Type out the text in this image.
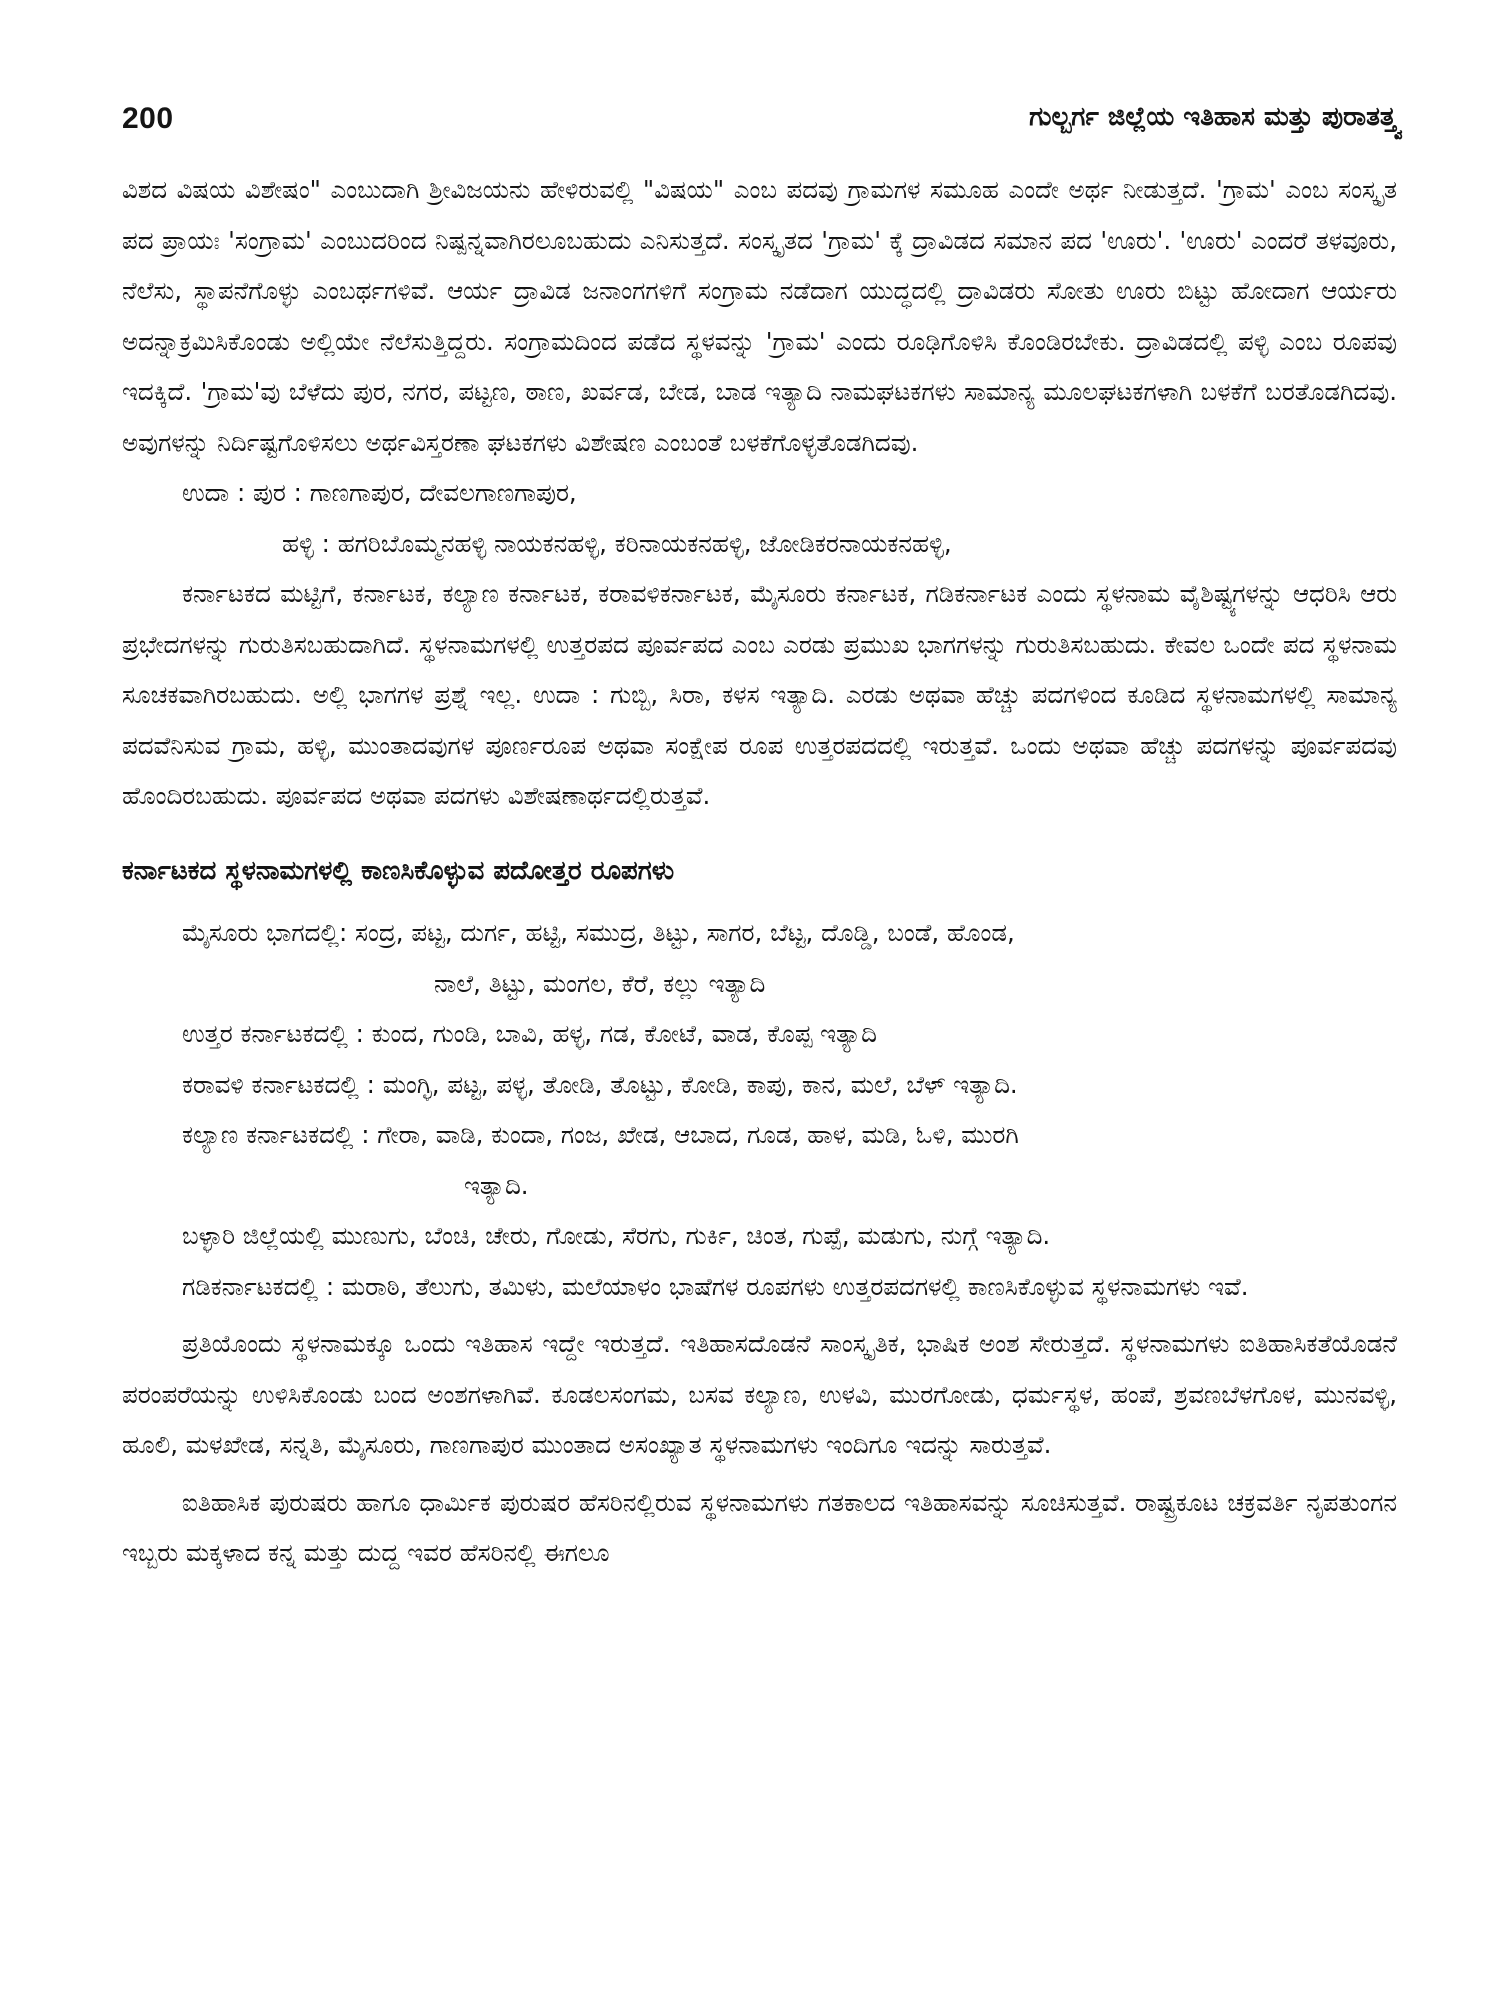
200	ಗುಲ್ಬರ್ಗ ಜಿಲ್ಲೆಯ ಇತಿಹಾಸ ಮತ್ತು ಪುರಾತತ್ತ್ವ

ವಿಶದ ವಿಷಯ ವಿಶೇಷಂ" ಎಂಬುದಾಗಿ ಶ್ರೀವಿಜಯನು ಹೇಳಿರುವಲ್ಲಿ "ವಿಷಯ" ಎಂಬ ಪದವು ಗ್ರಾಮಗಳ ಸಮೂಹ ಎಂದೇ ಅರ್ಥ ನೀಡುತ್ತದೆ. 'ಗ್ರಾಮ' ಎಂಬ ಸಂಸ್ಕೃತ ಪದ ಪ್ರಾಯಃ 'ಸಂಗ್ರಾಮ' ಎಂಬುದರಿಂದ ನಿಷ್ಪನ್ನವಾಗಿರಲೂಬಹುದು ಎನಿಸುತ್ತದೆ. ಸಂಸ್ಕೃತದ 'ಗ್ರಾಮ' ಕ್ಕೆ ದ್ರಾವಿಡದ ಸಮಾನ ಪದ 'ಊರು'. 'ಊರು' ಎಂದರೆ ತಳವೂರು, ನೆಲೆಸು, ಸ್ಥಾಪನೆಗೊಳ್ಳು ಎಂಬರ್ಥಗಳಿವೆ. ಆರ್ಯ ದ್ರಾವಿಡ ಜನಾಂಗಗಳಿಗೆ ಸಂಗ್ರಾಮ ನಡೆದಾಗ ಯುದ್ಧದಲ್ಲಿ ದ್ರಾವಿಡರು ಸೋತು ಊರು ಬಿಟ್ಟು ಹೋದಾಗ ಆರ್ಯರು ಅದನ್ನಾಕ್ರಮಿಸಿಕೊಂಡು ಅಲ್ಲಿಯೇ ನೆಲೆಸುತ್ತಿದ್ದರು. ಸಂಗ್ರಾಮದಿಂದ ಪಡೆದ ಸ್ಥಳವನ್ನು 'ಗ್ರಾಮ' ಎಂದು ರೂಢಿಗೊಳಿಸಿ ಕೊಂಡಿರಬೇಕು. ದ್ರಾವಿಡದಲ್ಲಿ ಪಳ್ಳಿ ಎಂಬ ರೂಪವು ಇದಕ್ಕಿದೆ. 'ಗ್ರಾಮ'ವು ಬೆಳೆದು ಪುರ, ನಗರ, ಪಟ್ಟಣ, ಠಾಣ, ಖರ್ವಡ, ಬೇಡ, ಬಾಡ ಇತ್ಯಾದಿ ನಾಮಘಟಕಗಳು ಸಾಮಾನ್ಯ ಮೂಲಘಟಕಗಳಾಗಿ ಬಳಕೆಗೆ ಬರತೊಡಗಿದವು. ಅವುಗಳನ್ನು ನಿರ್ದಿಷ್ಟಗೊಳಿಸಲು ಅರ್ಥವಿಸ್ತರಣಾ ಘಟಕಗಳು ವಿಶೇಷಣ ಎಂಬಂತೆ ಬಳಕೆಗೊಳ್ಳತೊಡಗಿದವು.

ಉದಾ : ಪುರ : ಗಾಣಗಾಪುರ, ದೇವಲಗಾಣಗಾಪುರ,

ಹಳ್ಳಿ : ಹಗರಿಬೊಮ್ಮನಹಳ್ಳಿ ನಾಯಕನಹಳ್ಳಿ, ಕರಿನಾಯಕನಹಳ್ಳಿ, ಜೋಡಿಕರನಾಯಕನಹಳ್ಳಿ,

ಕರ್ನಾಟಕದ ಮಟ್ಟಿಗೆ, ಕರ್ನಾಟಕ, ಕಲ್ಯಾಣ ಕರ್ನಾಟಕ, ಕರಾವಳಿಕರ್ನಾಟಕ, ಮೈಸೂರು ಕರ್ನಾಟಕ, ಗಡಿಕರ್ನಾಟಕ ಎಂದು ಸ್ಥಳನಾಮ ವೈಶಿಷ್ಟ್ಯಗಳನ್ನು ಆಧರಿಸಿ ಆರು ಪ್ರಭೇದಗಳನ್ನು ಗುರುತಿಸಬಹುದಾಗಿದೆ. ಸ್ಥಳನಾಮಗಳಲ್ಲಿ ಉತ್ತರಪದ ಪೂರ್ವಪದ ಎಂಬ ಎರಡು ಪ್ರಮುಖ ಭಾಗಗಳನ್ನು ಗುರುತಿಸಬಹುದು. ಕೇವಲ ಒಂದೇ ಪದ ಸ್ಥಳನಾಮ ಸೂಚಕವಾಗಿರಬಹುದು. ಅಲ್ಲಿ ಭಾಗಗಳ ಪ್ರಶ್ನೆ ಇಲ್ಲ. ಉದಾ : ಗುಬ್ಬಿ, ಸಿರಾ, ಕಳಸ ಇತ್ಯಾದಿ. ಎರಡು ಅಥವಾ ಹೆಚ್ಚು ಪದಗಳಿಂದ ಕೂಡಿದ ಸ್ಥಳನಾಮಗಳಲ್ಲಿ ಸಾಮಾನ್ಯ ಪದವೆನಿಸುವ ಗ್ರಾಮ, ಹಳ್ಳಿ, ಮುಂತಾದವುಗಳ ಪೂರ್ಣರೂಪ ಅಥವಾ ಸಂಕ್ಷೇಪ ರೂಪ ಉತ್ತರಪದದಲ್ಲಿ ಇರುತ್ತವೆ. ಒಂದು ಅಥವಾ ಹೆಚ್ಚು ಪದಗಳನ್ನು ಪೂರ್ವಪದವು ಹೊಂದಿರಬಹುದು. ಪೂರ್ವಪದ ಅಥವಾ ಪದಗಳು ವಿಶೇಷಣಾರ್ಥದಲ್ಲಿರುತ್ತವೆ.

ಕರ್ನಾಟಕದ ಸ್ಥಳನಾಮಗಳಲ್ಲಿ ಕಾಣಸಿಕೊಳ್ಳುವ ಪದೋತ್ತರ ರೂಪಗಳು

ಮೈಸೂರು ಭಾಗದಲ್ಲಿ: ಸಂದ್ರ, ಪಟ್ಟ, ದುರ್ಗ, ಹಟ್ಟಿ, ಸಮುದ್ರ, ತಿಟ್ಟು, ಸಾಗರ, ಬೆಟ್ಟ, ದೊಡ್ಡಿ, ಬಂಡೆ, ಹೊಂಡ,

ನಾಲೆ, ತಿಟ್ಟು, ಮಂಗಲ, ಕೆರೆ, ಕಲ್ಲು ಇತ್ಯಾದಿ

ಉತ್ತರ ಕರ್ನಾಟಕದಲ್ಲಿ : ಕುಂದ, ಗುಂಡಿ, ಬಾವಿ, ಹಳ್ಳ, ಗಡ, ಕೋಟೆ, ವಾಡ, ಕೊಪ್ಪ ಇತ್ಯಾದಿ

ಕರಾವಳಿ ಕರ್ನಾಟಕದಲ್ಲಿ : ಮಂಗ್ಳಿ, ಪಟ್ಟ, ಪಳ್ಳ, ತೋಡಿ, ತೊಟ್ಟು, ಕೋಡಿ, ಕಾಪು, ಕಾನ, ಮಲೆ, ಬೆಳ್ ಇತ್ಯಾದಿ.

ಕಲ್ಯಾಣ ಕರ್ನಾಟಕದಲ್ಲಿ : ಗೇರಾ, ವಾಡಿ, ಕುಂದಾ, ಗಂಜ, ಖೇಡ, ಆಬಾದ, ಗೂಡ, ಹಾಳ, ಮಡಿ, ಓಳಿ, ಮುರಗಿ

ಇತ್ಯಾದಿ.

ಬಳ್ಳಾರಿ ಜಿಲ್ಲೆಯಲ್ಲಿ ಮುಣುಗು, ಬೆಂಚಿ, ಚೇರು, ಗೋಡು, ಸೆರಗು, ಗುರ್ಕಿ, ಚಿಂತ, ಗುಪ್ಪೆ, ಮಡುಗು, ನುಗ್ಗೆ ಇತ್ಯಾದಿ.

ಗಡಿಕರ್ನಾಟಕದಲ್ಲಿ : ಮರಾಠಿ, ತೆಲುಗು, ತಮಿಳು, ಮಲೆಯಾಳಂ ಭಾಷೆಗಳ ರೂಪಗಳು ಉತ್ತರಪದಗಳಲ್ಲಿ ಕಾಣಸಿಕೊಳ್ಳುವ ಸ್ಥಳನಾಮಗಳು ಇವೆ.

ಪ್ರತಿಯೊಂದು ಸ್ಥಳನಾಮಕ್ಕೂ ಒಂದು ಇತಿಹಾಸ ಇದ್ದೇ ಇರುತ್ತದೆ. ಇತಿಹಾಸದೊಡನೆ ಸಾಂಸ್ಕೃತಿಕ, ಭಾಷಿಕ ಅಂಶ ಸೇರುತ್ತದೆ. ಸ್ಥಳನಾಮಗಳು ಐತಿಹಾಸಿಕತೆಯೊಡನೆ ಪರಂಪರೆಯನ್ನು ಉಳಿಸಿಕೊಂಡು ಬಂದ ಅಂಶಗಳಾಗಿವೆ. ಕೂಡಲಸಂಗಮ, ಬಸವ ಕಲ್ಯಾಣ, ಉಳವಿ, ಮುರಗೋಡು, ಧರ್ಮಸ್ಥಳ, ಹಂಪೆ, ಶ್ರವಣಬೆಳಗೊಳ, ಮುನವಳ್ಳಿ, ಹೂಲಿ, ಮಳಖೇಡ, ಸನ್ನತಿ, ಮೈಸೂರು, ಗಾಣಗಾಪುರ ಮುಂತಾದ ಅಸಂಖ್ಯಾತ ಸ್ಥಳನಾಮಗಳು ಇಂದಿಗೂ ಇದನ್ನು ಸಾರುತ್ತವೆ.

ಐತಿಹಾಸಿಕ ಪುರುಷರು ಹಾಗೂ ಧಾರ್ಮಿಕ ಪುರುಷರ ಹೆಸರಿನಲ್ಲಿರುವ ಸ್ಥಳನಾಮಗಳು ಗತಕಾಲದ ಇತಿಹಾಸವನ್ನು ಸೂಚಿಸುತ್ತವೆ. ರಾಷ್ಟ್ರಕೂಟ ಚಕ್ರವರ್ತಿ ನೃಪತುಂಗನ ಇಬ್ಬರು ಮಕ್ಕಳಾದ ಕನ್ನ ಮತ್ತು ದುದ್ದ ಇವರ ಹೆಸರಿನಲ್ಲಿ ಈಗಲೂ
